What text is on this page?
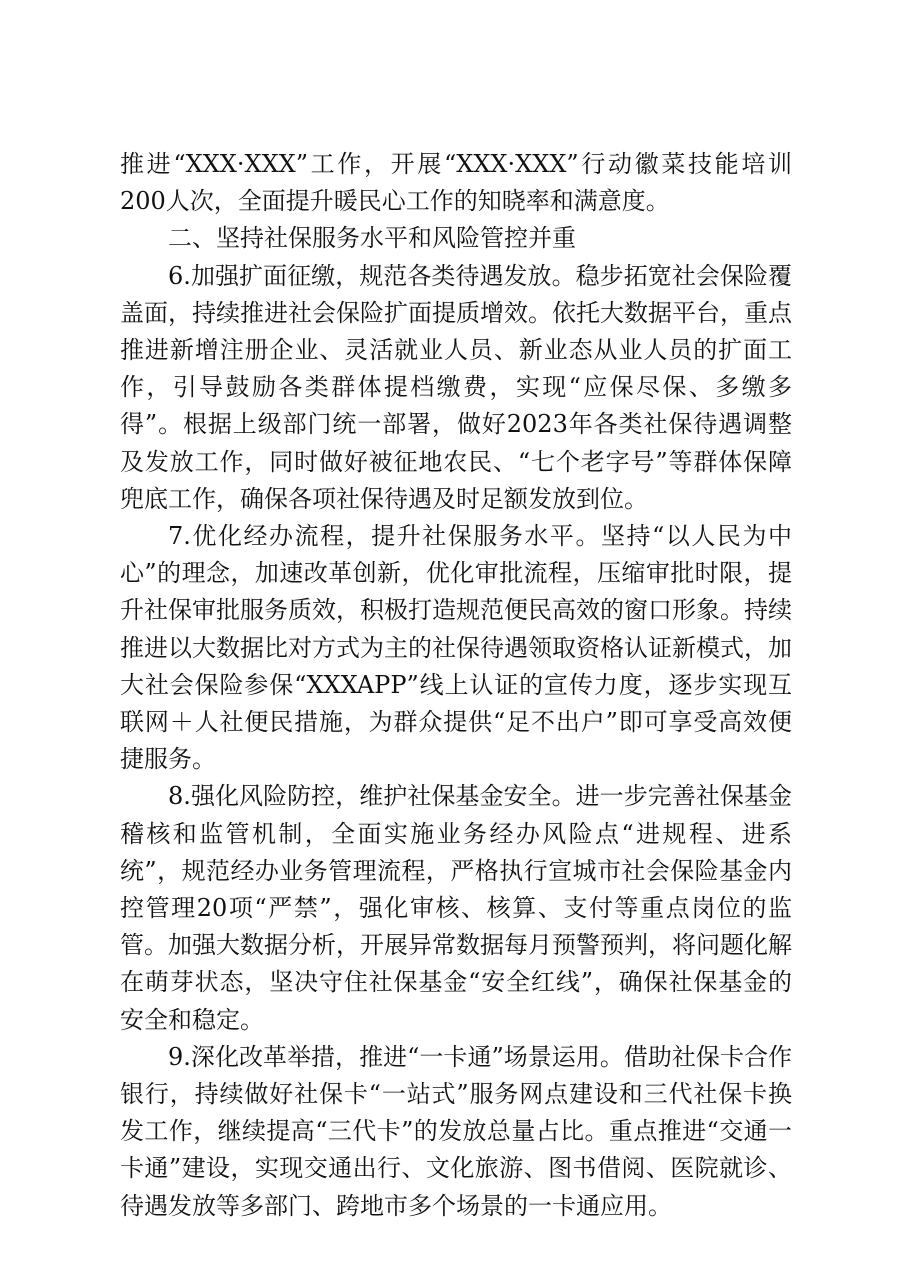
推进“XXX·XXX”工作，开展“XXX·XXX”行动徽菜技能培训200人次，全面提升暖民心工作的知晓率和满意度。

二、坚持社保服务水平和风险管控并重

6.加强扩面征缴，规范各类待遇发放。稳步拓宽社会保险覆盖面，持续推进社会保险扩面提质增效。依托大数据平台，重点推进新增注册企业、灵活就业人员、新业态从业人员的扩面工作，引导鼓励各类群体提档缴费，实现“应保尽保、多缴多得”。根据上级部门统一部署，做好2023年各类社保待遇调整及发放工作，同时做好被征地农民、“七个老字号”等群体保障兜底工作，确保各项社保待遇及时足额发放到位。

7.优化经办流程，提升社保服务水平。坚持“以人民为中心”的理念，加速改革创新，优化审批流程，压缩审批时限，提升社保审批服务质效，积极打造规范便民高效的窗口形象。持续推进以大数据比对方式为主的社保待遇领取资格认证新模式，加大社会保险参保“XXXAPP”线上认证的宣传力度，逐步实现互联网＋人社便民措施，为群众提供“足不出户”即可享受高效便捷服务。

8.强化风险防控，维护社保基金安全。进一步完善社保基金稽核和监管机制，全面实施业务经办风险点“进规程、进系统”，规范经办业务管理流程，严格执行宣城市社会保险基金内控管理20项“严禁”，强化审核、核算、支付等重点岗位的监管。加强大数据分析，开展异常数据每月预警预判，将问题化解在萌芽状态，坚决守住社保基金“安全红线”，确保社保基金的安全和稳定。

9.深化改革举措，推进“一卡通”场景运用。借助社保卡合作银行，持续做好社保卡“一站式”服务网点建设和三代社保卡换发工作，继续提高“三代卡”的发放总量占比。重点推进“交通一卡通”建设，实现交通出行、文化旅游、图书借阅、医院就诊、待遇发放等多部门、跨地市多个场景的一卡通应用。
